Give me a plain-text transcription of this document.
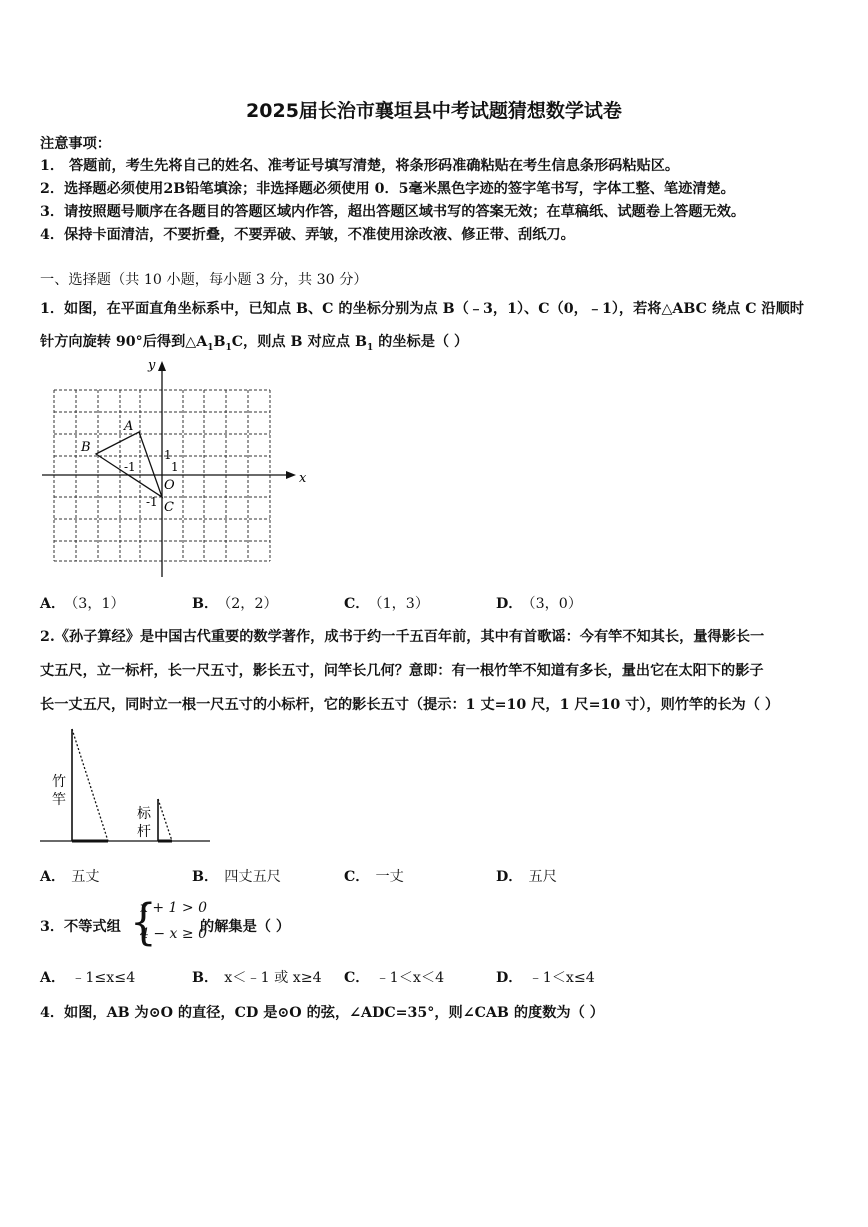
2025届长治市襄垣县中考试题猜想数学试卷
注意事项：
1． 答题前，考生先将自己的姓名、准考证号填写清楚，将条形码准确粘贴在考生信息条形码粘贴区。
2．选择题必须使用2B铅笔填涂；非选择题必须使用 0．5毫米黑色字迹的签字笔书写，字体工整、笔迹清楚。
3．请按照题号顺序在各题目的答题区域内作答，超出答题区域书写的答案无效；在草稿纸、试题卷上答题无效。
4．保持卡面清洁，不要折叠，不要弄破、弄皱，不准使用涂改液、修正带、刮纸刀。
一、选择题（共 10 小题，每小题 3 分，共 30 分）
1．如图，在平面直角坐标系中，已知点 B、C 的坐标分别为点 B（﹣3，1）、C（0，﹣1），若将△ABC 绕点 C 沿顺时
针方向旋转 90°后得到$\triangle A_1B_1C$，则点 B 对应点 $B_1$ 的坐标是（ ）
x
y
A
B
C
O
-1	1
1
-1
A． （3，1）	B． （2，2）	C． （1，3）	D． （3，0）
2.《孙子算经》是中国古代重要的数学著作，成书于约一千五百年前，其中有首歌谣：今有竿不知其长，量得影长一
丈五尺，立一标杆，长一尺五寸，影长五寸，问竿长几何？意即：有一根竹竿不知道有多长，量出它在太阳下的影子
长一丈五尺，同时立一根一尺五寸的小标杆，它的影长五寸（提示：1 丈=10 尺，1 尺=10 寸），则竹竿的长为（ ）
竹
竿
标
杆
A． 五丈	B． 四丈五尺	C． 一丈	D． 五尺
3．不等式组 {
x + 1 > 0
4 − x ≥ 0
的解集是（ ）
A． ﹣1≤x≤4	B． x＜﹣1 或 x≥4 C． ﹣1＜x＜4	D． ﹣1＜x≤4
4．如图，AB 为⊙O 的直径，CD 是⊙O 的弦，∠ADC=35°，则∠CAB 的度数为（ ）
